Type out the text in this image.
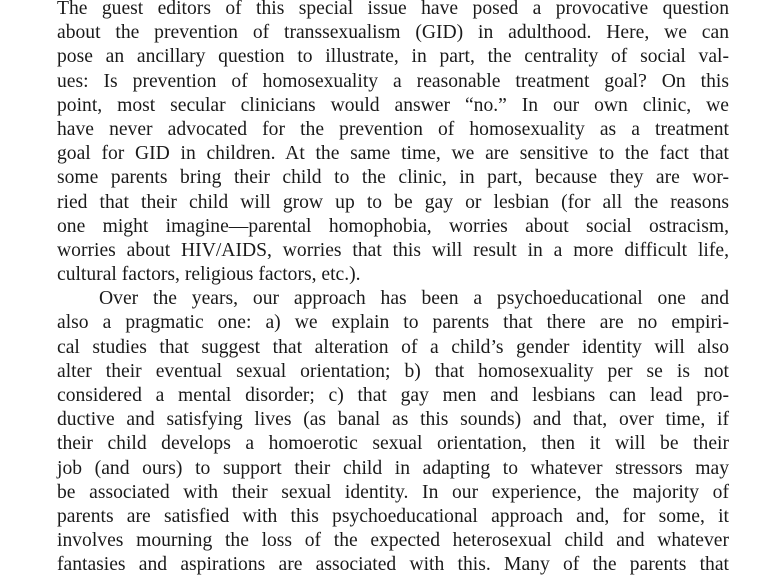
The guest editors of this special issue have posed a provocative question
about the prevention of transsexualism (GID) in adulthood. Here, we can
pose an ancillary question to illustrate, in part, the centrality of social val-
ues: Is prevention of homosexuality a reasonable treatment goal? On this
point, most secular clinicians would answer “no.” In our own clinic, we
have never advocated for the prevention of homosexuality as a treatment
goal for GID in children. At the same time, we are sensitive to the fact that
some parents bring their child to the clinic, in part, because they are wor-
ried that their child will grow up to be gay or lesbian (for all the reasons
one might imagine—parental homophobia, worries about social ostracism,
worries about HIV/AIDS, worries that this will result in a more difficult life,
cultural factors, religious factors, etc.).
Over the years, our approach has been a psychoeducational one and
also a pragmatic one: a) we explain to parents that there are no empiri-
cal studies that suggest that alteration of a child’s gender identity will also
alter their eventual sexual orientation; b) that homosexuality per se is not
considered a mental disorder; c) that gay men and lesbians can lead pro-
ductive and satisfying lives (as banal as this sounds) and that, over time, if
their child develops a homoerotic sexual orientation, then it will be their
job (and ours) to support their child in adapting to whatever stressors may
be associated with their sexual identity. In our experience, the majority of
parents are satisfied with this psychoeducational approach and, for some, it
involves mourning the loss of the expected heterosexual child and whatever
fantasies and aspirations are associated with this. Many of the parents that
